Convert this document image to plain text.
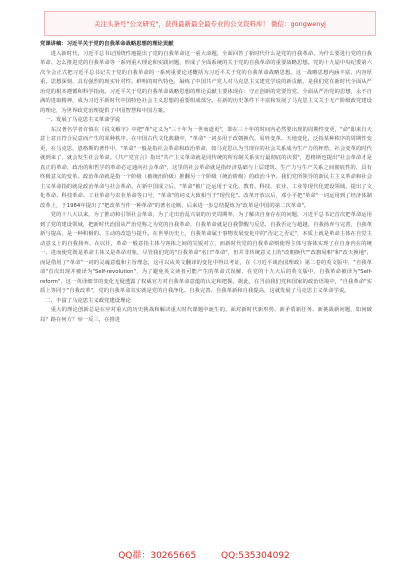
关注头条号"公文研究"，获得最新最全最专业的公文资料库！ 微信：gongwenyj

党课讲稿：习近平关于党的自我革命战略思想的理论贡献

进入新时代，习近平总书记围绕性地提出了党的自我革命这一重大命题，全面回答了新时代什么是党的自我革命、为什么要进行党的自我革命、怎么推进党的自我革命等一系列重大理论和实践问题，形成了全面系统的关于党的自我革命的重要战略思想。党的十九届中央纪委第六次全会正式把习近平总书记关于党的自我革命的一系列重要论述概括为习近平关于党的自我革命战略思想。这一战略思想内涵丰富、内容厚重、思想深刻，具有强烈的现实针对性、鲜明的时代特色，凝练了中国共产党人对马克思主义建党学说的新贡献，是我们党在新时代全面从严治党的根本遵循和科学指南。习近平关于党的自我革命战略思想的理论贡献主要体现在：守正创新的党要管党、全面从严治党的思想，永不自满的进取精神，成为习近平新时代中国特色社会主义思想的重要组成部分。在新的历史条件下丰富和发展了马克思主义关于无产阶级政党建设的理论，为世界政党治理提供了中国智慧和中国方案。

一、发展了马克思主义革命学说

东汉著名学者许慎在《说文解字》中把"革"定义为"三十年为一世而道更"，即在三十年的时间内必然要出现的周期性变更，"命"即来自天意上意且符合民意而产生的某种秩序。在中国古代文化典籍中，"革命"一词多用于改朝换代、易姓变革、天地变化，泛指某种秩序的周期性变更，在马克思、恩格斯的著作中，"革命"一般是指社会革命和政治革命，如马克思认为当现存的社会关系成为生产力的桎梏，社会变革的时代就到来了，就会发生社会革命。《共产党宣言》指出"共产主义革命就是同传统的所有制关系实行最彻底的决裂"，恩格斯也提出"社会革命才是真正的革命，政治的和哲学的革命必定通向社会革命"，这里的社会革命就是指经济基础与上层建筑、生产力与生产关系之间彻底性的，具有终极意义的变革。政治革命就是指一个阶级（被统治阶级）推翻另一个阶级（统治阶级）的政治斗争。我们党所领导的新民主主义革命和社会主义革命指的就是政治革命与社会革命。在新中国成立后，"革命"被广泛运用于文化、教育、科技、农业、工业等现代化建设领域，提出了文化革命、科技革命、工业革命与农业革命等口号，"革命"的词义大致相当于"现代化"。改革开放以后，邓小平把"革命"一词运用到了经济体制改革上，于1984年提出了"把改革当作一种革命"的著名论断，后来进一步总结提炼为"改革是中国的第二次革命"。

党的十八大以来，为了推动和引领社会革命，为了走出治乱兴衰的历史周期率，为了解决自身存在的问题，习近平总书记首次把革命运用到了党的建设领域，把新时代治国从严治党称之为党的自我革命，自我革命就是自我警醒与反思，自我否定与超越，自我扬弃与完善，自我革新与提高，是一种积极的、主动的改造与提升。在世界历史上，自我革命属于事物发展变化中的"否定之否定"，本质上就是革命主体在自觉主动意义上的自我扬弃。在以往，革命一般意指主体与客体之间的尖锐对立，而新时代党的自我革命则使得主体与客体实现了在自身内在的统一，进而使党既是革命主体又是革命对象，尽管我们党的"自我革命"名曰"革命"，但并非传统意义上的"改朝换代""改旗易帜"和"改天换地"，而是借用了"革命"一词的灵魂意蕴和主旨理念，这可以从英文翻译的变化中得以考证，在《习近平谈治国理政》第二卷的英文版中，"自我革命"首次出现并被译为"Self-revolution"，为了避免英文读者可能产生的革命式误解，在党的十九大后的英文版中，自我革命被译为"Self-reform"，这一英译细节的变化无疑透露了权威官方对自我革命意蕴的认定和把握。据此，在当前我们党和国家的政治语境中，"自我革命"实质上等同于"自我改革"，党的自我革命其实就是党的自我净化、自我完善、自我革新和自我提高，这就发展了马克思主义革命学说。

二、丰富了马克思主义政党建设理论

重大的理论创新总是在应对重大的历史挑战和解决重大时代课题中诞生的。面对新时代新形势、新矛盾新任务、新挑战新问题，如何破局？路在何方？举一反三，在推进

QQ群：30265665	QQ:535304092
